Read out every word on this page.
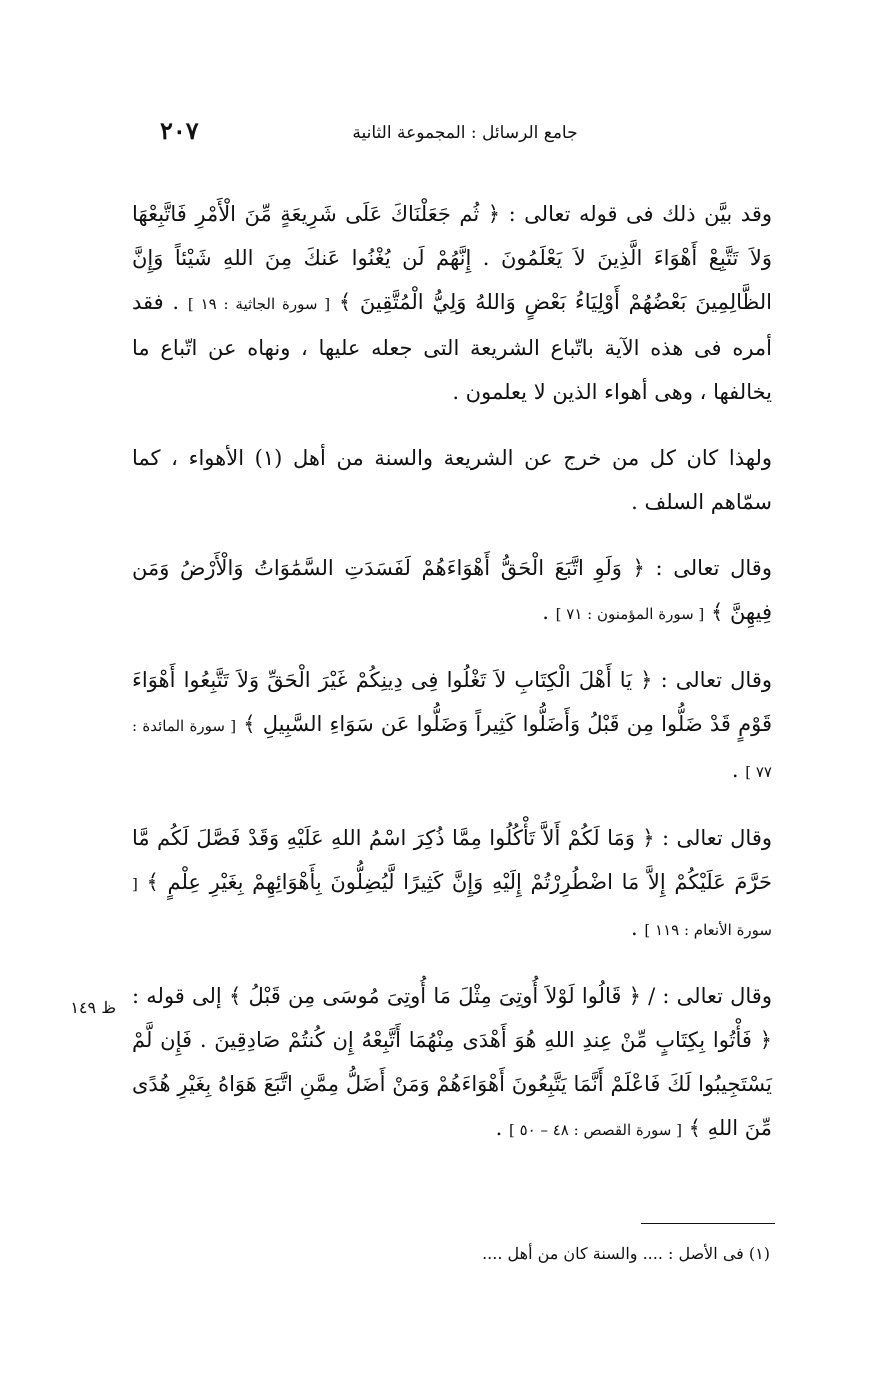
جامع الرسائل : المجموعة الثانية
٢٠٧

وقد بيَّن ذلك فى قوله تعالى : ﴿ ثُم جَعَلْنَاكَ عَلَى شَرِيعَةٍ مِّنَ الْأَمْرِ فَاتَّبِعْهَا وَلاَ تَتَّبِعْ أَهْوَاءَ الَّذِينَ لاَ يَعْلَمُونَ . إِنَّهُمْ لَن يُغْنُوا عَنكَ مِنَ اللهِ شَيْئاً وَإِنَّ الظَّالِمِينَ بَعْضُهُمْ أَوْلِيَاءُ بَعْضٍ وَاللهُ وَلِيُّ الْمُتَّقِينَ ﴾ [ سورة الجاثية : ١٩ ] . فقد أمره فى هذه الآية باتّباع الشريعة التى جعله عليها ، ونهاه عن اتّباع ما يخالفها ، وهى أهواء الذين لا يعلمون .

ولهذا كان كل من خرج عن الشريعة والسنة من أهل (١) الأهواء ، كما سمّاهم السلف .

وقال تعالى : ﴿ وَلَوِ اتَّبَعَ الْحَقُّ أَهْوَاءَهُمْ لَفَسَدَتِ السَّمَٰوَاتُ وَالْأَرْضُ وَمَن فِيهِنَّ ﴾ [ سورة المؤمنون : ٧١ ] .

وقال تعالى : ﴿ يَا أَهْلَ الْكِتَابِ لاَ تَغْلُوا فِى دِينِكُمْ غَيْرَ الْحَقِّ وَلاَ تَتَّبِعُوا أَهْوَاءَ قَوْمٍ قَدْ ضَلُّوا مِن قَبْلُ وَأَضَلُّوا كَثِيراً وَضَلُّوا عَن سَوَاءِ السَّبِيلِ ﴾ [ سورة المائدة : ٧٧ ] .

وقال تعالى : ﴿ وَمَا لَكُمْ أَلاَّ تَأْكُلُوا مِمَّا ذُكِرَ اسْمُ اللهِ عَلَيْهِ وَقَدْ فَصَّلَ لَكُم مَّا حَرَّمَ عَلَيْكُمْ إِلاَّ مَا اضْطُرِرْتُمْ إِلَيْهِ وَإِنَّ كَثِيرًا لَّيُضِلُّونَ بِأَهْوَائِهِمْ بِغَيْرِ عِلْمٍ ﴾ [ سورة الأنعام : ١١٩ ] .

وقال تعالى : / ﴿ قَالُوا لَوْلاَ أُوتِىَ مِثْلَ مَا أُوتِىَ مُوسَى مِن قَبْلُ ﴾ إلى قوله : ﴿ فَأْتُوا بِكِتَابٍ مِّنْ عِندِ اللهِ هُوَ أَهْدَى مِنْهُمَا أَتَّبِعْهُ إِن كُنتُمْ صَادِقِينَ . فَإِن لَّمْ يَسْتَجِيبُوا لَكَ فَاعْلَمْ أَنَّمَا يَتَّبِعُونَ أَهْوَاءَهُمْ وَمَنْ أَضَلُّ مِمَّنِ اتَّبَعَ هَوَاهُ بِغَيْرِ هُدًى مِّنَ اللهِ ﴾ [ سورة القصص : ٤٨ – ٥٠ ] .

ظ ١٤٩
(١) فى الأصل : .... والسنة كان من أهل ....
